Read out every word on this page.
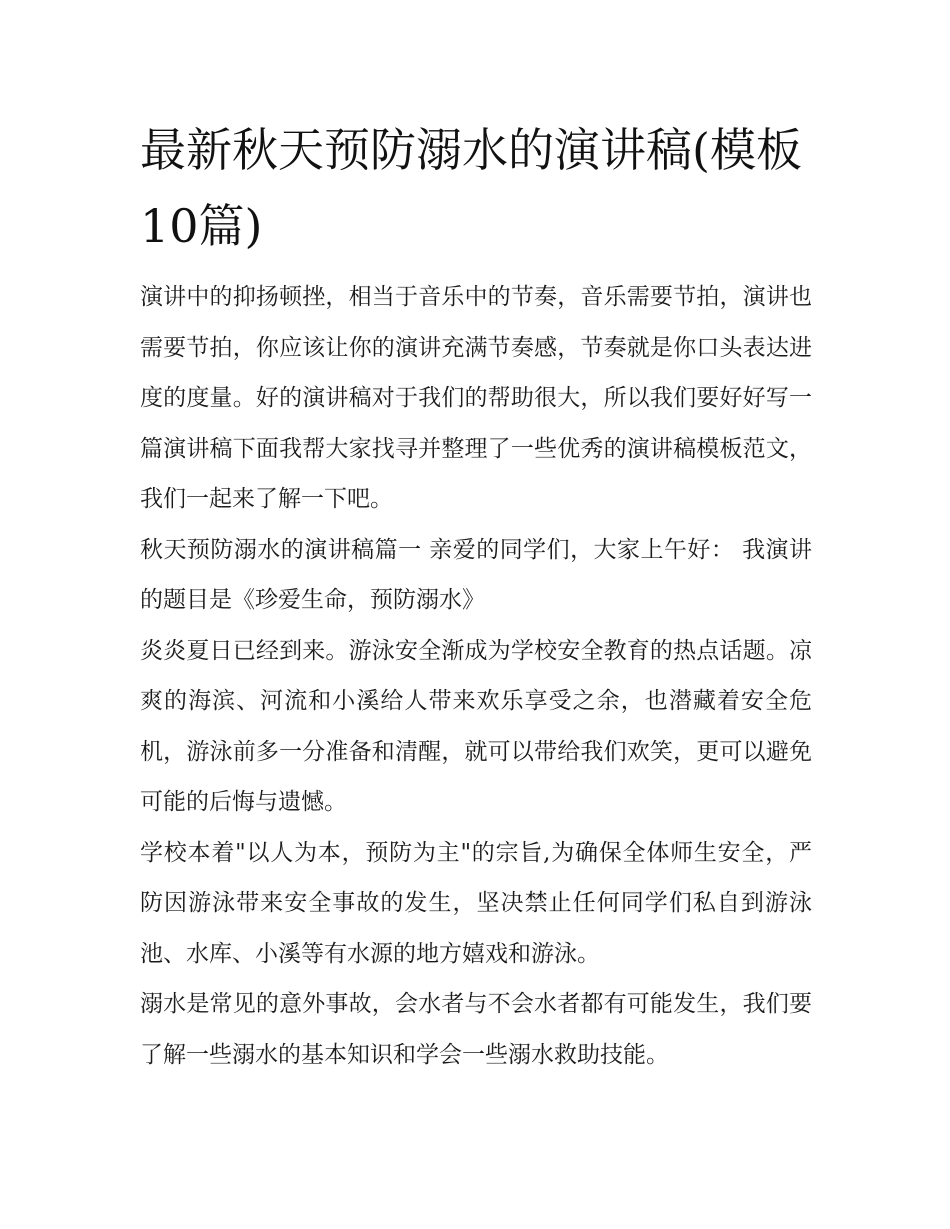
最新秋天预防溺水的演讲稿(模板10篇)

演讲中的抑扬顿挫，相当于音乐中的节奏，音乐需要节拍，演讲也需要节拍，你应该让你的演讲充满节奏感，节奏就是你口头表达进度的度量。好的演讲稿对于我们的帮助很大，所以我们要好好写一篇演讲稿下面我帮大家找寻并整理了一些优秀的演讲稿模板范文，我们一起来了解一下吧。

秋天预防溺水的演讲稿篇一 亲爱的同学们，大家上午好： 我演讲的题目是《珍爱生命，预防溺水》

炎炎夏日已经到来。游泳安全渐成为学校安全教育的热点话题。凉爽的海滨、河流和小溪给人带来欢乐享受之余，也潜藏着安全危机，游泳前多一分准备和清醒，就可以带给我们欢笑，更可以避免可能的后悔与遗憾。

学校本着"以人为本，预防为主"的宗旨,为确保全体师生安全，严防因游泳带来安全事故的发生，坚决禁止任何同学们私自到游泳池、水库、小溪等有水源的地方嬉戏和游泳。

溺水是常见的意外事故，会水者与不会水者都有可能发生，我们要了解一些溺水的基本知识和学会一些溺水救助技能。
